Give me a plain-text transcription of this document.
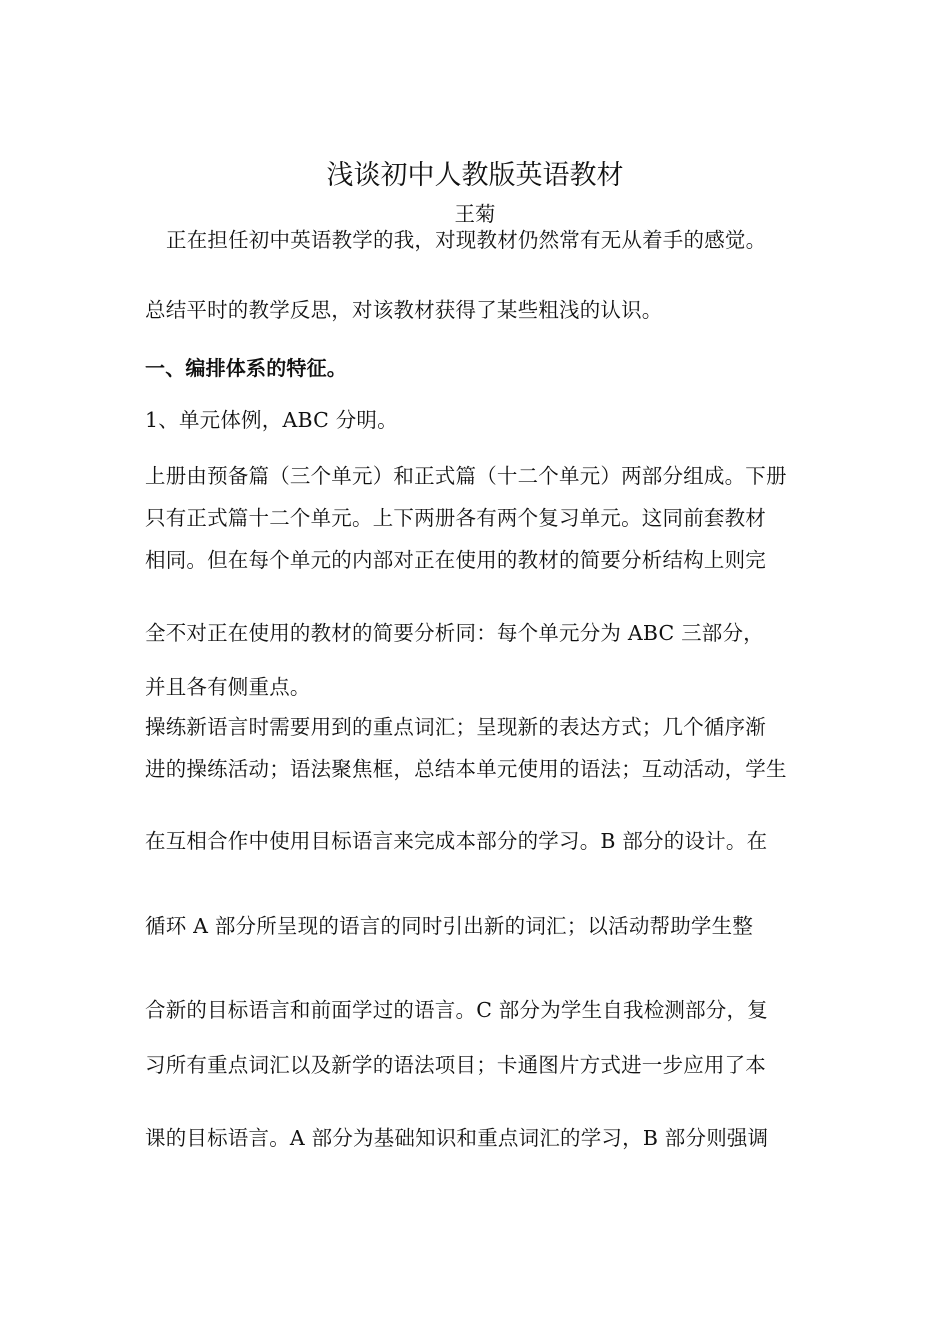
浅谈初中人教版英语教材
王菊
正在担任初中英语教学的我，对现教材仍然常有无从着手的感觉。
总结平时的教学反思，对该教材获得了某些粗浅的认识。
一、编排体系的特征。
1、单元体例，ABC 分明。
上册由预备篇（三个单元）和正式篇（十二个单元）两部分组成。下册
只有正式篇十二个单元。上下两册各有两个复习单元。这同前套教材
相同。但在每个单元的内部对正在使用的教材的简要分析结构上则完
全不对正在使用的教材的简要分析同：每个单元分为 ABC 三部分，
并且各有侧重点。
操练新语言时需要用到的重点词汇；呈现新的表达方式；几个循序渐
进的操练活动；语法聚焦框，总结本单元使用的语法；互动活动，学生
在互相合作中使用目标语言来完成本部分的学习。B 部分的设计。在
循环 A 部分所呈现的语言的同时引出新的词汇；以活动帮助学生整
合新的目标语言和前面学过的语言。C 部分为学生自我检测部分，复
习所有重点词汇以及新学的语法项目；卡通图片方式进一步应用了本
课的目标语言。A 部分为基础知识和重点词汇的学习，B 部分则强调
